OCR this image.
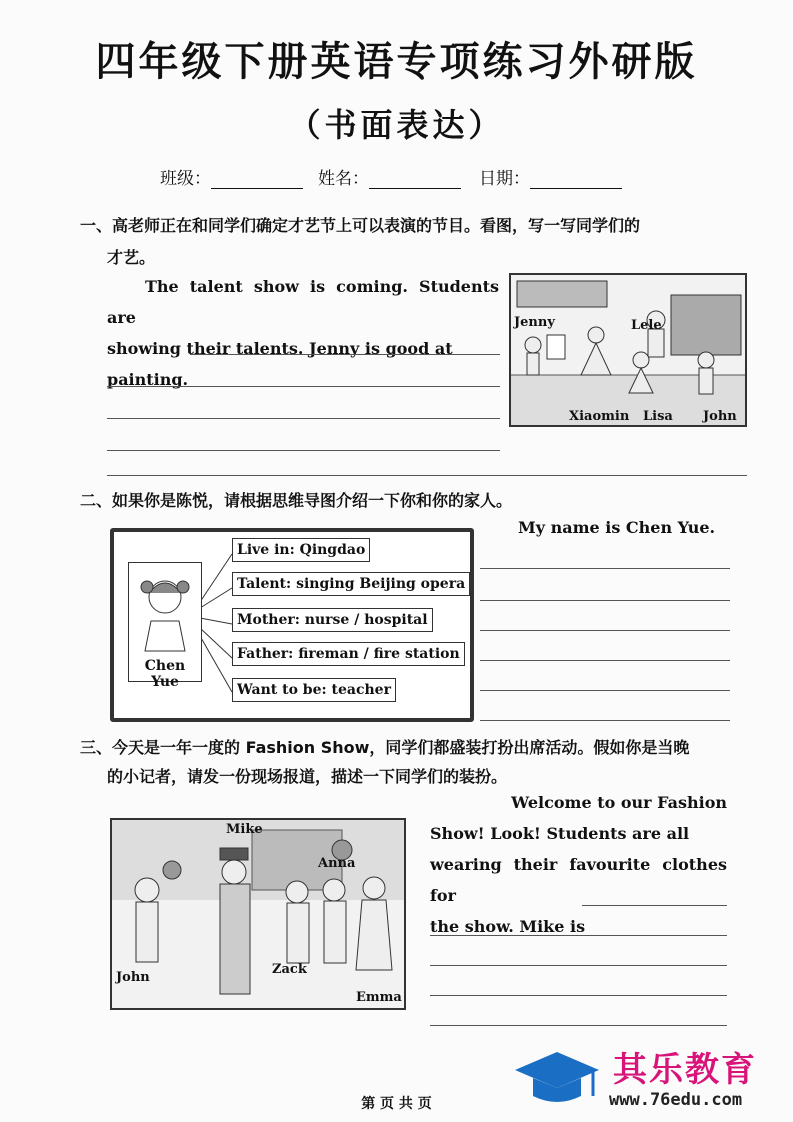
四年级下册英语专项练习外研版
（书面表达）
班级：	姓名：	日期：
一、高老师正在和同学们确定才艺节上可以表演的节目。看图，写一写同学们的
才艺。
The talent show is coming. Students are
showing their talents. Jenny is good at
painting.
Jenny	Lele
Xiaomin Lisa John
二、如果你是陈悦，请根据思维导图介绍一下你和你的家人。
My name is Chen Yue.
Chen Yue
Live in: Qingdao
Talent: singing Beijing opera
Mother: nurse / hospital
Father: fireman / fire station
Want to be: teacher
三、今天是一年一度的 Fashion Show，同学们都盛装打扮出席活动。假如你是当晚
的小记者，请发一份现场报道，描述一下同学们的装扮。
Mike
Anna
John
Zack
Emma
Welcome to our Fashion
Show! Look! Students are all
wearing their favourite clothes for
the show. Mike is
其乐教育
www.76edu.com
第 页 共 页
